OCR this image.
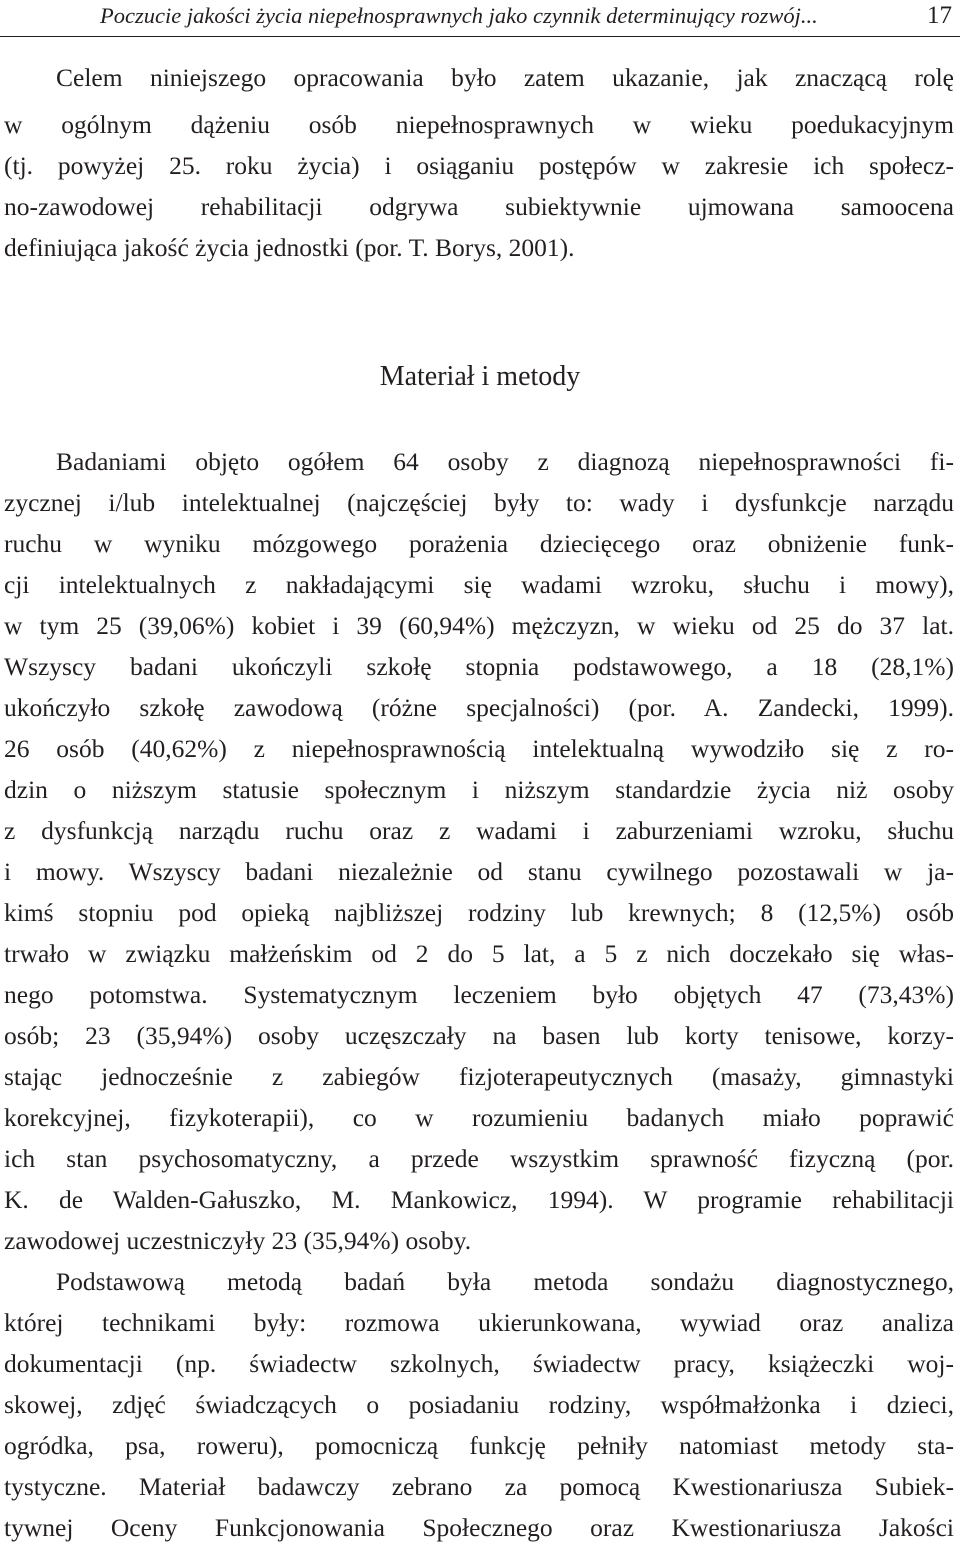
Poczucie jakości życia niepełnosprawnych jako czynnik determinujący rozwój...	17
Celem niniejszego opracowania było zatem ukazanie, jak znaczącą rolę
w ogólnym dążeniu osób niepełnosprawnych w wieku poedukacyjnym
(tj. powyżej 25. roku życia) i osiąganiu postępów w zakresie ich społecz-
no-zawodowej rehabilitacji odgrywa subiektywnie ujmowana samoocena
definiująca jakość życia jednostki (por. T. Borys, 2001).
Materiał i metody
Badaniami objęto ogółem 64 osoby z diagnozą niepełnosprawności fi-
zycznej i/lub intelektualnej (najczęściej były to: wady i dysfunkcje narządu
ruchu w wyniku mózgowego porażenia dziecięcego oraz obniżenie funk-
cji intelektualnych z nakładającymi się wadami wzroku, słuchu i mowy),
w tym 25 (39,06%) kobiet i 39 (60,94%) mężczyzn, w wieku od 25 do 37 lat.
Wszyscy badani ukończyli szkołę stopnia podstawowego, a 18 (28,1%)
ukończyło szkołę zawodową (różne specjalności) (por. A. Zandecki, 1999).
26 osób (40,62%) z niepełnosprawnością intelektualną wywodziło się z ro-
dzin o niższym statusie społecznym i niższym standardzie życia niż osoby
z dysfunkcją narządu ruchu oraz z wadami i zaburzeniami wzroku, słuchu
i mowy. Wszyscy badani niezależnie od stanu cywilnego pozostawali w ja-
kimś stopniu pod opieką najbliższej rodziny lub krewnych; 8 (12,5%) osób
trwało w związku małżeńskim od 2 do 5 lat, a 5 z nich doczekało się włas-
nego potomstwa. Systematycznym leczeniem było objętych 47 (73,43%)
osób; 23 (35,94%) osoby uczęszczały na basen lub korty tenisowe, korzy-
stając jednocześnie z zabiegów fizjoterapeutycznych (masaży, gimnastyki
korekcyjnej, fizykoterapii), co w rozumieniu badanych miało poprawić
ich stan psychosomatyczny, a przede wszystkim sprawność fizyczną (por.
K. de Walden-Gałuszko, M. Mankowicz, 1994). W programie rehabilitacji
zawodowej uczestniczyły 23 (35,94%) osoby.
Podstawową metodą badań była metoda sondażu diagnostycznego,
której technikami były: rozmowa ukierunkowana, wywiad oraz analiza
dokumentacji (np. świadectw szkolnych, świadectw pracy, książeczki woj-
skowej, zdjęć świadczących o posiadaniu rodziny, współmałżonka i dzieci,
ogródka, psa, roweru), pomocniczą funkcję pełniły natomiast metody sta-
tystyczne. Materiał badawczy zebrano za pomocą Kwestionariusza Subiek-
tywnej Oceny Funkcjonowania Społecznego oraz Kwestionariusza Jakości
